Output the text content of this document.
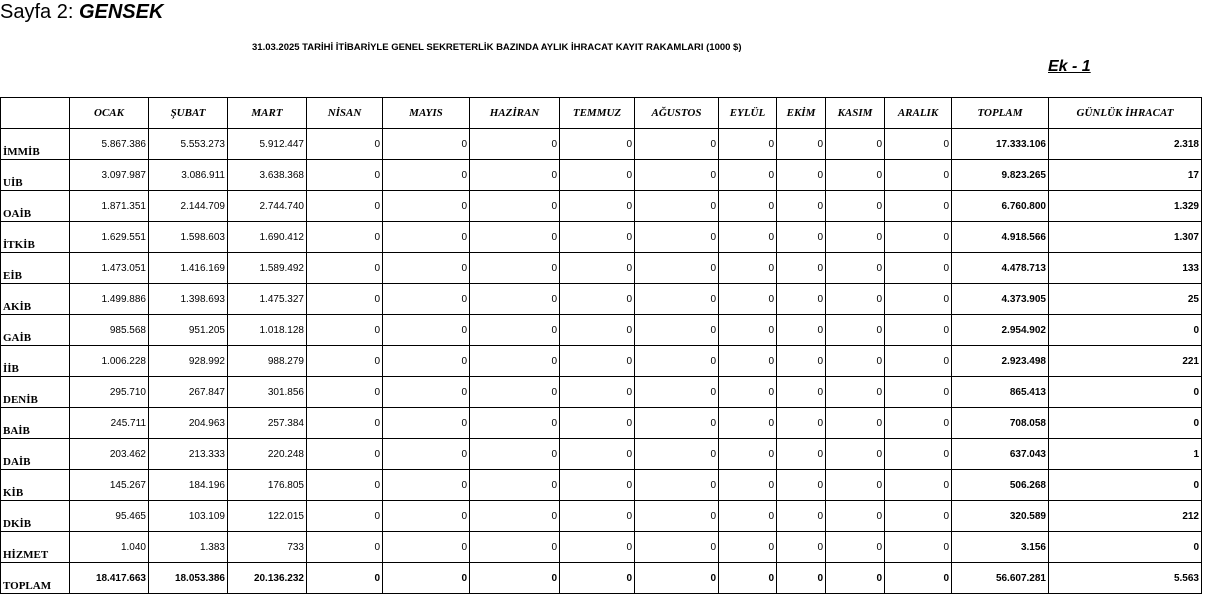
Sayfa 2: GENSEK
31.03.2025 TARİHİ İTİBARİYLE GENEL SEKRETERLİK BAZINDA AYLIK İHRACAT KAYIT RAKAMLARI (1000 $)
Ek - 1
	OCAK	ŞUBAT	MART	NİSAN	MAYIS	HAZİRAN	TEMMUZ	AĞUSTOS	EYLÜL	EKİM	KASIM	ARALIK	TOPLAM	GÜNLÜK İHRACAT
İMMİB	5.867.386	5.553.273	5.912.447	0	0	0	0	0	0	0	0	0	17.333.106	2.318
UİB	3.097.987	3.086.911	3.638.368	0	0	0	0	0	0	0	0	0	9.823.265	17
OAİB	1.871.351	2.144.709	2.744.740	0	0	0	0	0	0	0	0	0	6.760.800	1.329
İTKİB	1.629.551	1.598.603	1.690.412	0	0	0	0	0	0	0	0	0	4.918.566	1.307
EİB	1.473.051	1.416.169	1.589.492	0	0	0	0	0	0	0	0	0	4.478.713	133
AKİB	1.499.886	1.398.693	1.475.327	0	0	0	0	0	0	0	0	0	4.373.905	25
GAİB	985.568	951.205	1.018.128	0	0	0	0	0	0	0	0	0	2.954.902	0
İİB	1.006.228	928.992	988.279	0	0	0	0	0	0	0	0	0	2.923.498	221
DENİB	295.710	267.847	301.856	0	0	0	0	0	0	0	0	0	865.413	0
BAİB	245.711	204.963	257.384	0	0	0	0	0	0	0	0	0	708.058	0
DAİB	203.462	213.333	220.248	0	0	0	0	0	0	0	0	0	637.043	1
KİB	145.267	184.196	176.805	0	0	0	0	0	0	0	0	0	506.268	0
DKİB	95.465	103.109	122.015	0	0	0	0	0	0	0	0	0	320.589	212
HİZMET	1.040	1.383	733	0	0	0	0	0	0	0	0	0	3.156	0
TOPLAM	18.417.663	18.053.386	20.136.232	0	0	0	0	0	0	0	0	0	56.607.281	5.563
